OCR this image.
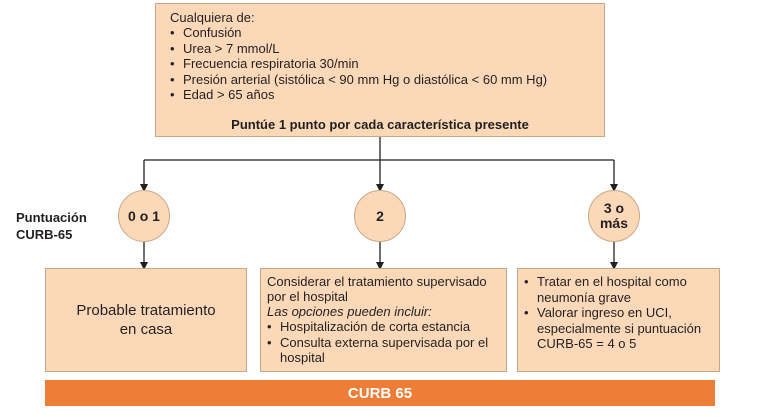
Cualquiera de:
• Confusión
• Urea > 7 mmol/L
• Frecuencia respiratoria 30/min
• Presión arterial (sistólica < 90 mm Hg o diastólica < 60 mm Hg)
• Edad > 65 años
Puntúe 1 punto por cada característica presente
Puntuación
CURB-65
0 o 1	2	3 o
más
Probable tratamiento
en casa
Considerar el tratamiento supervisado por el hospital
Las opciones pueden incluir:
• Hospitalización de corta estancia
• Consulta externa supervisada por el hospital
• Tratar en el hospital como neumonía grave
• Valorar ingreso en UCI, especialmente si puntuación CURB-65 = 4 o 5
CURB 65
